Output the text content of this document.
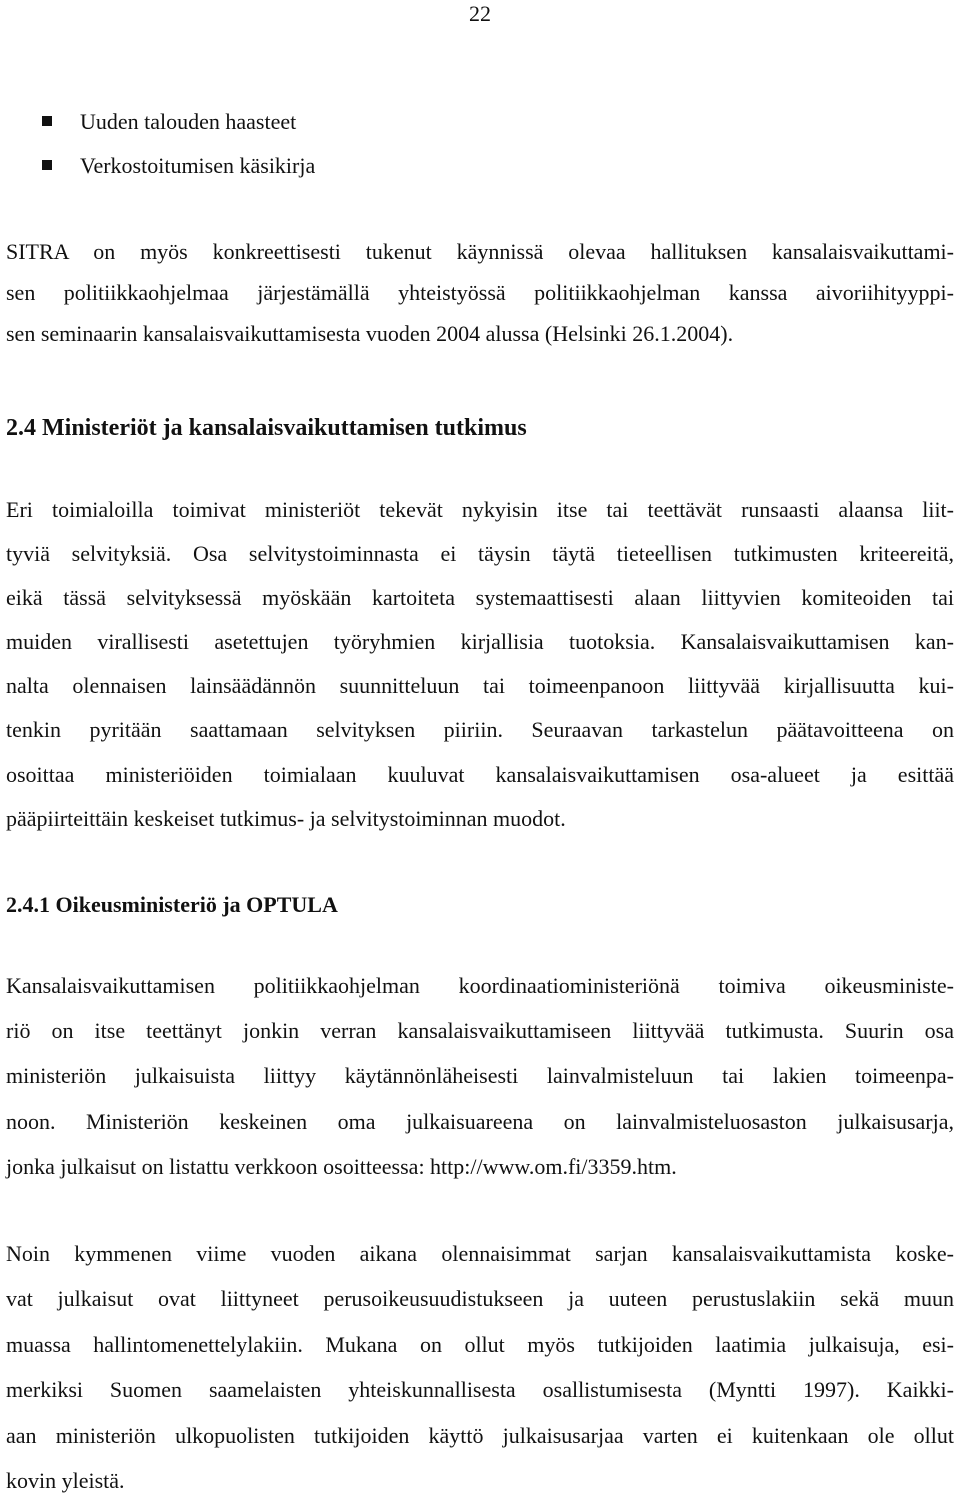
22
Uuden talouden haasteet
Verkostoitumisen käsikirja

SITRA on myös konkreettisesti tukenut käynnissä olevaa hallituksen kansalaisvaikuttami-
sen politiikkaohjelmaa järjestämällä yhteistyössä politiikkaohjelman kanssa aivoriihityyppi-
sen seminaarin kansalaisvaikuttamisesta vuoden 2004 alussa (Helsinki 26.1.2004).

2.4 Ministeriöt ja kansalaisvaikuttamisen tutkimus

Eri toimialoilla toimivat ministeriöt tekevät nykyisin itse tai teettävät runsaasti alaansa liit-
tyviä selvityksiä. Osa selvitystoiminnasta ei täysin täytä tieteellisen tutkimusten kriteereitä,
eikä tässä selvityksessä myöskään kartoiteta systemaattisesti alaan liittyvien komiteoiden tai
muiden virallisesti asetettujen työryhmien kirjallisia tuotoksia. Kansalaisvaikuttamisen kan-
nalta olennaisen lainsäädännön suunnitteluun tai toimeenpanoon liittyvää kirjallisuutta kui-
tenkin pyritään saattamaan selvityksen piiriin. Seuraavan tarkastelun päätavoitteena on
osoittaa ministeriöiden toimialaan kuuluvat kansalaisvaikuttamisen osa-alueet ja esittää
pääpiirteittäin keskeiset tutkimus- ja selvitystoiminnan muodot.

2.4.1 Oikeusministeriö ja OPTULA

Kansalaisvaikuttamisen politiikkaohjelman koordinaatioministeriönä toimiva oikeusministe-
riö on itse teettänyt jonkin verran kansalaisvaikuttamiseen liittyvää tutkimusta. Suurin osa
ministeriön julkaisuista liittyy käytännönläheisesti lainvalmisteluun tai lakien toimeenpa-
noon. Ministeriön keskeinen oma julkaisuareena on lainvalmisteluosaston julkaisusarja,
jonka julkaisut on listattu verkkoon osoitteessa: http://www.om.fi/3359.htm.

Noin kymmenen viime vuoden aikana olennaisimmat sarjan kansalaisvaikuttamista koske-
vat julkaisut ovat liittyneet perusoikeusuudistukseen ja uuteen perustuslakiin sekä muun
muassa hallintomenettelylakiin. Mukana on ollut myös tutkijoiden laatimia julkaisuja, esi-
merkiksi Suomen saamelaisten yhteiskunnallisesta osallistumisesta (Myntti 1997). Kaikki-
aan ministeriön ulkopuolisten tutkijoiden käyttö julkaisusarjaa varten ei kuitenkaan ole ollut
kovin yleistä.
